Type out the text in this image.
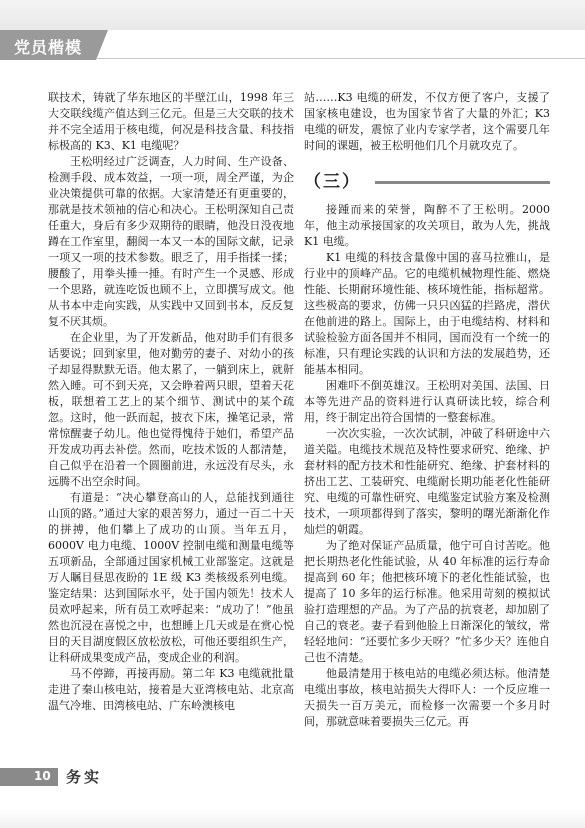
党员楷模

联技术，铸就了华东地区的半壁江山，1998 年三大交联线缆产值达到三亿元。但是三大交联的技术并不完全适用于核电缆，何况是科技含量、科技指标极高的 K3、K1 电缆呢？

王松明经过广泛调查，人力时间、生产设备、检测手段、成本效益，一项一项，周全严谨，为企业决策提供可靠的依据。大家清楚还有更重要的，那就是技术领袖的信心和决心。王松明深知自己责任重大，身后有多少双期待的眼睛，他没日没夜地蹲在工作室里，翻阅一本又一本的国际文献，记录一项又一项的技术参数。眼乏了，用手指揉一揉；腰酸了，用拳头捶一捶。有时产生一个灵感、形成一个思路，就连吃饭也顾不上，立即撰写成文。他从书本中走向实践，从实践中又回到书本，反反复复不厌其烦。

在企业里，为了开发新品，他对助手们有很多话要说；回到家里，他对勤劳的妻子、对幼小的孩子却显得默默无语。他太累了，一躺到床上，就鼾然入睡。可不到天亮，又会睁着两只眼，望着天花板，联想着工艺上的某个细节、测试中的某个疏忽。这时，他一跃而起，披衣下床，操笔记录，常常惊醒妻子幼儿。他也觉得愧待于她们，希望产品开发成功再去补偿。然而，吃技术饭的人都清楚，自己似乎在沿着一个圆圈前进，永远没有尽头，永远腾不出空余时间。

有道是：“决心攀登高山的人，总能找到通往山顶的路。”通过大家的艰苦努力，通过一百二十天的拼搏，他们攀上了成功的山顶。当年五月，6000V 电力电缆、1000V 控制电缆和测量电缆等五项新品，全部通过国家机械工业部鉴定。这就是万人瞩目昼思夜盼的 1E 级 K3 类核级系列电缆。鉴定结果：达到国际水平，处于国内领先！技术人员欢呼起来，所有员工欢呼起来：“成功了！”他虽然也沉浸在喜悦之中，也想睡上几天或是在赏心悦目的天目湖度假区放松放松，可他还要组织生产，让科研成果变成产品，变成企业的利润。

马不停蹄，再接再励。第二年 K3 电缆就批量走进了秦山核电站，接着是大亚湾核电站、北京高温气冷堆、田湾核电站、广东岭澳核电

站……K3 电缆的研发，不仅方便了客户，支援了国家核电建设，也为国家节省了大量的外汇；K3 电缆的研发，震惊了业内专家学者，这个需要几年时间的课题，被王松明他们几个月就攻克了。

（三）

接踵而来的荣誉，陶醉不了王松明。2000 年，他主动承接国家的攻关项目，敢为人先，挑战 K1 电缆。

K1 电缆的科技含量像中国的喜马拉雅山，是行业中的顶峰产品。它的电缆机械物理性能、燃烧性能、长期耐环境性能、核环境性能，指标超常。这些极高的要求，仿佛一只只凶猛的拦路虎，潜伏在他前进的路上。国际上，由于电缆结构、材料和试验检验方面各国并不相同，国而没有一个统一的标准，只有理论实践的认识和方法的发展趋势，还能基本相同。

困难吓不倒英雄汉。王松明对美国、法国、日本等先进产品的资料进行认真研读比较，综合利用，终于制定出符合国情的一整套标准。

一次次实验，一次次试制，冲破了科研途中六道关隘。电缆技术规范及特性要求研究、绝缘、护套材料的配方技术和性能研究、绝缘、护套材料的挤出工艺、工装研究、电缆耐长期功能老化性能研究、电缆的可靠性研究、电缆鉴定试验方案及检测技术，一项项都得到了落实，黎明的曙光渐渐化作灿烂的朝霞。

为了绝对保证产品质量，他宁可自讨苦吃。他把长期热老化性能试验，从 40 年标准的运行寿命提高到 60 年；他把核环境下的老化性能试验，也提高了 10 多年的运行标准。他采用苛刻的模拟试验打造理想的产品。为了产品的抗衰老，却加剧了自己的衰老。妻子看到他脸上日渐深化的皱纹，常轻轻地问：“还要忙多少天呀？”忙多少天？连他自己也不清楚。

他最清楚用于核电站的电缆必须达标。他清楚电缆出事故，核电站损失大得吓人：一个反应堆一天损失一百万美元，而检修一次需要一个多月时间，那就意味着要损失三亿元。再

10 务实
